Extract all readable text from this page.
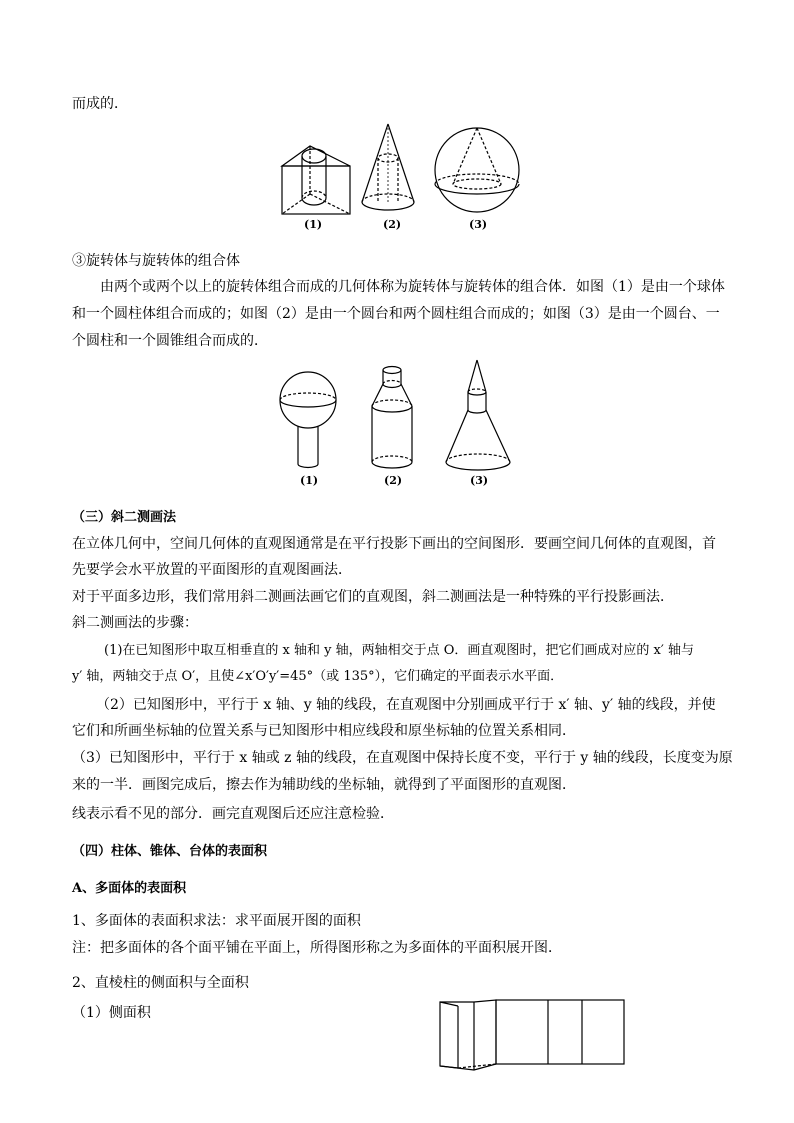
而成的．
③旋转体与旋转体的组合体
由两个或两个以上的旋转体组合而成的几何体称为旋转体与旋转体的组合体．如图（1）是由一个球体
和一个圆柱体组合而成的；如图（2）是由一个圆台和两个圆柱组合而成的；如图（3）是由一个圆台、一
个圆柱和一个圆锥组合而成的．
（三）斜二测画法
在立体几何中，空间几何体的直观图通常是在平行投影下画出的空间图形．要画空间几何体的直观图，首
先要学会水平放置的平面图形的直观图画法．
对于平面多边形，我们常用斜二测画法画它们的直观图，斜二测画法是一种特殊的平行投影画法．
斜二测画法的步骤：
(1)在已知图形中取互相垂直的 x 轴和 y 轴，两轴相交于点 O．画直观图时，把它们画成对应的 x′ 轴与
y′ 轴，两轴交于点 O′，且使∠x′O′y′=45°（或 135°），它们确定的平面表示水平面．
（2）已知图形中，平行于 x 轴、y 轴的线段，在直观图中分别画成平行于 x′ 轴、y′ 轴的线段，并使
它们和所画坐标轴的位置关系与已知图形中相应线段和原坐标轴的位置关系相同．
（3）已知图形中，平行于 x 轴或 z 轴的线段，在直观图中保持长度不变，平行于 y 轴的线段，长度变为原
来的一半．画图完成后，擦去作为辅助线的坐标轴，就得到了平面图形的直观图．
线表示看不见的部分．画完直观图后还应注意检验．
（四）柱体、锥体、台体的表面积
A、多面体的表面积
1、多面体的表面积求法：求平面展开图的面积
注：把多面体的各个面平铺在平面上，所得图形称之为多面体的平面积展开图．
2、直棱柱的侧面积与全面积
（1）侧面积
(1)	(2)	(3)
(1)	(2)	(3)
